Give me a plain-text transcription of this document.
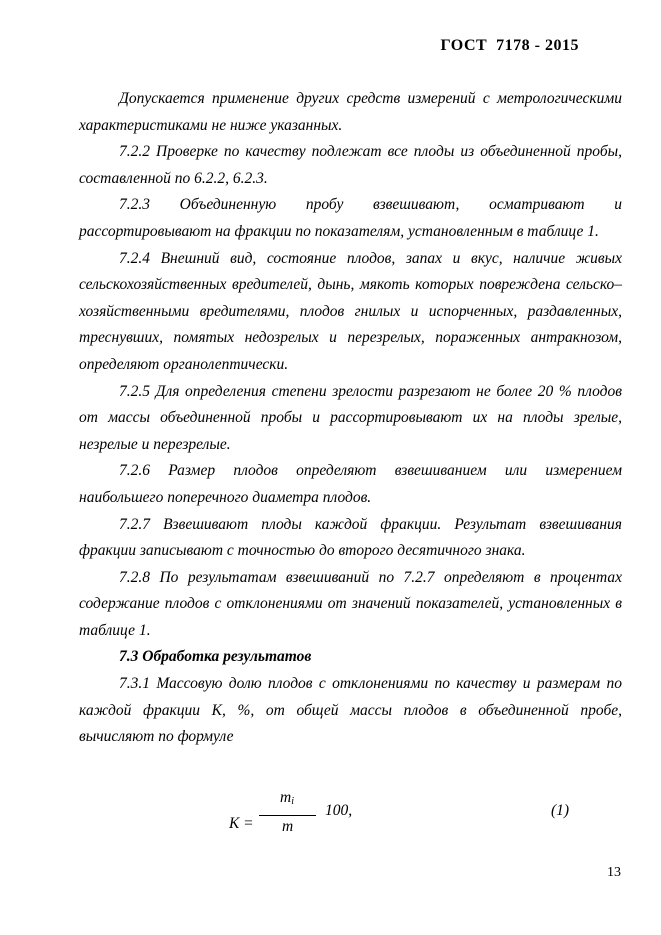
ГОСТ  7178 - 2015

Допускается применение других средств измерений с метрологическими характеристиками не ниже указанных.

7.2.2 Проверке по качеству подлежат все плоды из объединенной пробы, составленной по 6.2.2, 6.2.3.

7.2.3 Объединенную пробу взвешивают, осматривают и рассортировывают на фракции по показателям, установленным в таблице 1.

7.2.4 Внешний вид, состояние плодов, запах и вкус, наличие живых сельскохозяйственных вредителей, дынь, мякоть которых повреждена сельско–хозяйственными вредителями, плодов гнилых и испорченных, раздавленных, треснувших, помятых недозрелых и перезрелых, пораженных антракнозом, определяют органолептически.

7.2.5 Для определения степени зрелости разрезают не более 20 % плодов от массы объединенной пробы и рассортировывают их на плоды зрелые, незрелые и перезрелые.

7.2.6 Размер плодов определяют взвешиванием или измерением наибольшего поперечного диаметра плодов.

7.2.7 Взвешивают плоды каждой фракции. Результат взвешивания фракции записывают с точностью до второго десятичного знака.

7.2.8 По результатам взвешиваний по 7.2.7 определяют в процентах содержание плодов с отклонениями от значений показателей, установленных в таблице 1.

7.3 Обработка результатов

7.3.1 Массовую долю плодов с отклонениями по качеству и размерам по каждой фракции К, %, от общей массы плодов в объединенной пробе, вычисляют по формуле

К =
$m_i$
m
100,	(1)
13
